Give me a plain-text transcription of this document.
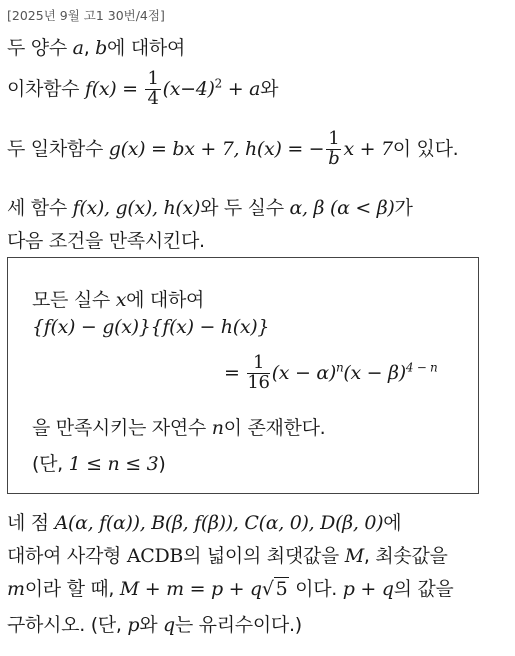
[2025년 9월 고1 30번/4점]
두 양수 a, b에 대하여
이차함수 $f(x) = \frac{1}{4} (x-4)^2 + a$와
두 일차함수 g(x) = bx + 7, h(x) = − $\frac{1}{b}$ x + 7이 있다.
세 함수 f(x), g(x), h(x)와 두 실수 α, β (α < β)가
다음 조건을 만족시킨다.
모든 실수 x에 대하여
{f(x) − g(x)}{f(x) − h(x)}
= $\frac{1}{16} (x - \alpha)^n(x - \beta)^{4 - n}$
을 만족시키는 자연수 n이 존재한다.
(단, 1 ≤ n ≤ 3)
네 점 A(α, f(α)), B(β, f(β)), C(α, 0), D(β, 0)에
대하여 사각형 ACDB의 넓이의 최댓값을 M, 최솟값을
m이라 할 때, M + m = p + q√ 5 이다. p + q의 값을
구하시오. (단, p와 q는 유리수이다.)
